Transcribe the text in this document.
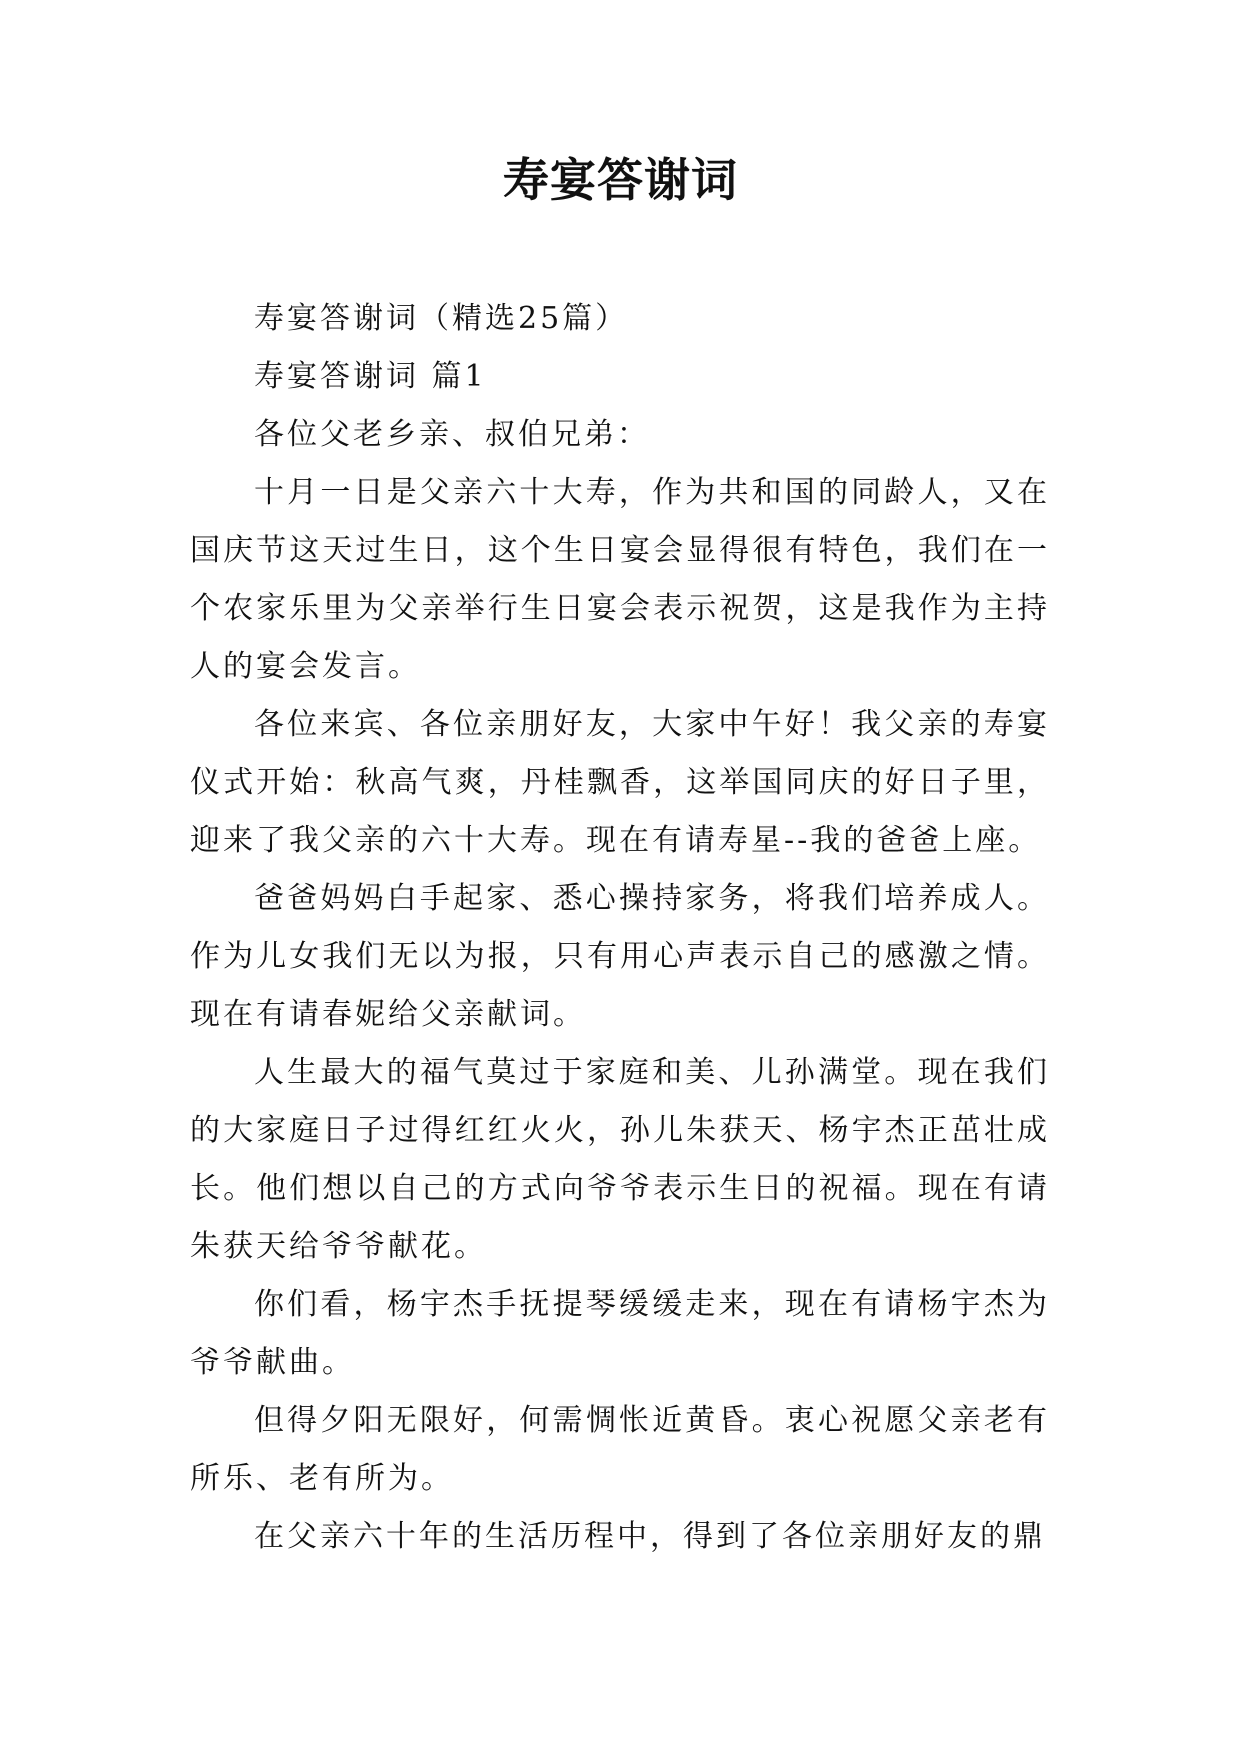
寿宴答谢词

寿宴答谢词（精选25篇）

寿宴答谢词 篇1

各位父老乡亲、叔伯兄弟：

十月一日是父亲六十大寿，作为共和国的同龄人，又在国庆节这天过生日，这个生日宴会显得很有特色，我们在一个农家乐里为父亲举行生日宴会表示祝贺，这是我作为主持人的宴会发言。

各位来宾、各位亲朋好友，大家中午好！我父亲的寿宴仪式开始：秋高气爽，丹桂飘香，这举国同庆的好日子里，迎来了我父亲的六十大寿。现在有请寿星--我的爸爸上座。

爸爸妈妈白手起家、悉心操持家务，将我们培养成人。作为儿女我们无以为报，只有用心声表示自己的感激之情。现在有请春妮给父亲献词。

人生最大的福气莫过于家庭和美、儿孙满堂。现在我们的大家庭日子过得红红火火，孙儿朱获天、杨宇杰正茁壮成长。他们想以自己的方式向爷爷表示生日的祝福。现在有请朱获天给爷爷献花。

你们看，杨宇杰手抚提琴缓缓走来，现在有请杨宇杰为爷爷献曲。

但得夕阳无限好，何需惆怅近黄昏。衷心祝愿父亲老有所乐、老有所为。

在父亲六十年的生活历程中，得到了各位亲朋好友的鼎
